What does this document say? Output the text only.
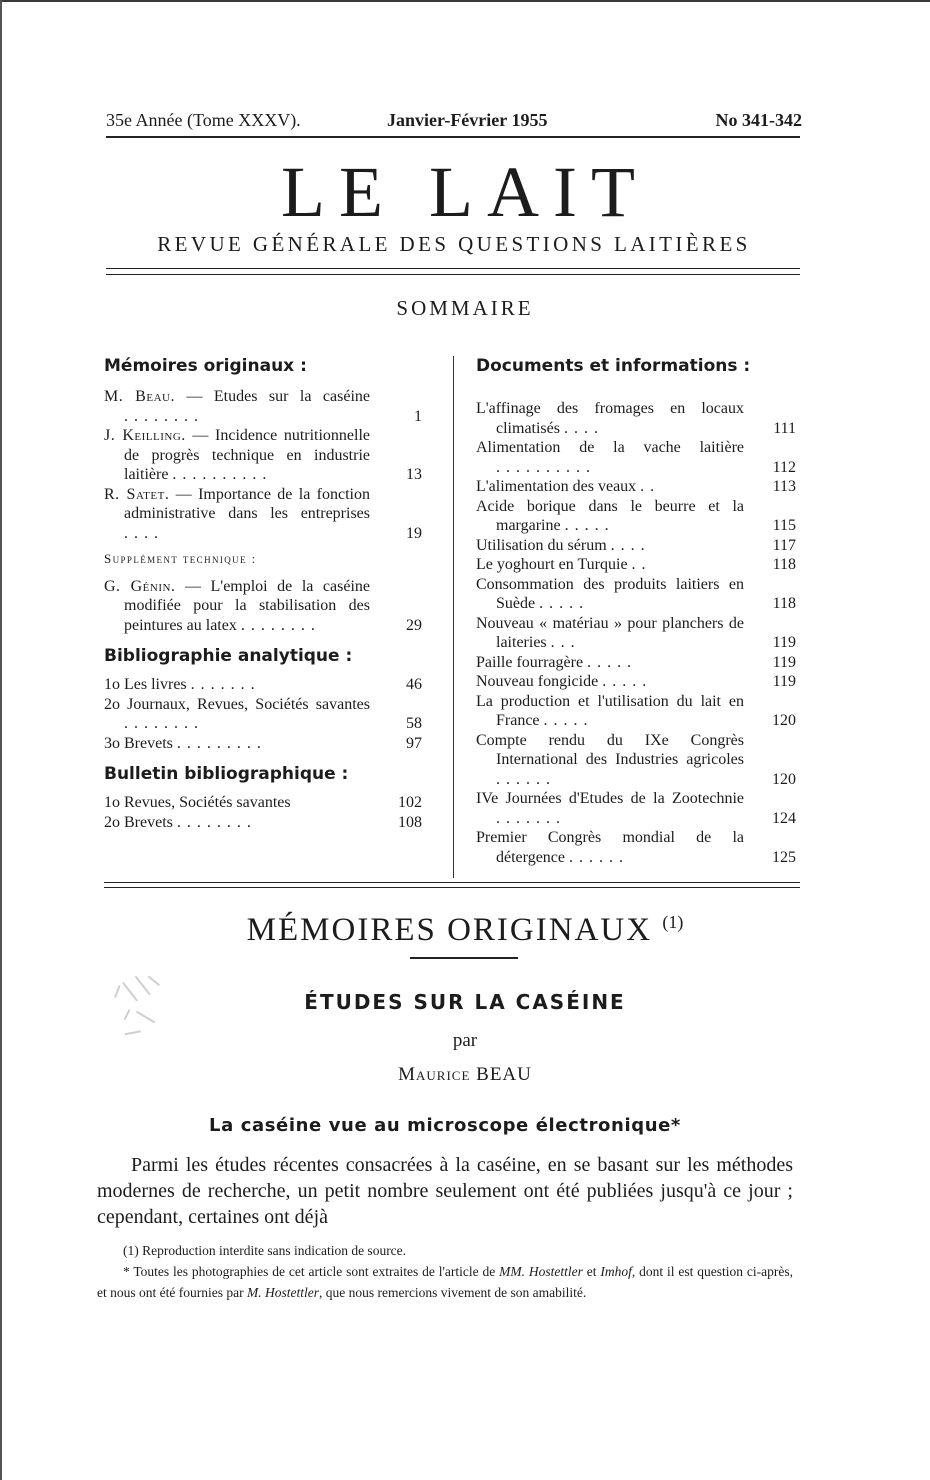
35e Année (Tome XXXV).	Janvier-Février 1955	No 341-342
LE LAIT
REVUE GÉNÉRALE DES QUESTIONS LAITIÈRES
SOMMAIRE
Mémoires originaux :
M. Beau. — Etudes sur la caséine ........	1
J. Keilling. — Incidence nutritionnelle de progrès technique en industrie laitière ..........	13
R. Satet. — Importance de la fonction administrative dans les entreprises ....	19
Supplément technique :
G. Génin. — L'emploi de la caséine modifiée pour la stabilisation des peintures au latex ........	29
Bibliographie analytique :
1o Les livres .......	46
2o Journaux, Revues, Sociétés savantes ........	58
3o Brevets .........	97
Bulletin bibliographique :
1o Revues, Sociétés savantes	102
2o Brevets ........	108
Documents et informations :
L'affinage des fromages en locaux climatisés ....	111
Alimentation de la vache laitière ..........	112
L'alimentation des veaux ..	113
Acide borique dans le beurre et la margarine .....	115
Utilisation du sérum ....	117
Le yoghourt en Turquie ..	118
Consommation des produits laitiers en Suède .....	118
Nouveau « matériau » pour planchers de laiteries ...	119
Paille fourragère .....	119
Nouveau fongicide .....	119
La production et l'utilisation du lait en France .....	120
Compte rendu du IXe Congrès International des Industries agricoles ......	120
IVe Journées d'Etudes de la Zootechnie .......	124
Premier Congrès mondial de la détergence ......	125
MÉMOIRES ORIGINAUX $^{(1)}$
ÉTUDES SUR LA CASÉINE
par
Maurice BEAU
La caséine vue au microscope électronique*
Parmi les études récentes consacrées à la caséine, en se basant sur les méthodes modernes de recherche, un petit nombre seulement ont été publiées jusqu'à ce jour ; cependant, certaines ont déjà
(1) Reproduction interdite sans indication de source.
* Toutes les photographies de cet article sont extraites de l'article de MM. Hostettler et Imhof, dont il est question ci-après, et nous ont été fournies par M. Hostettler, que nous remercions vivement de son amabilité.
